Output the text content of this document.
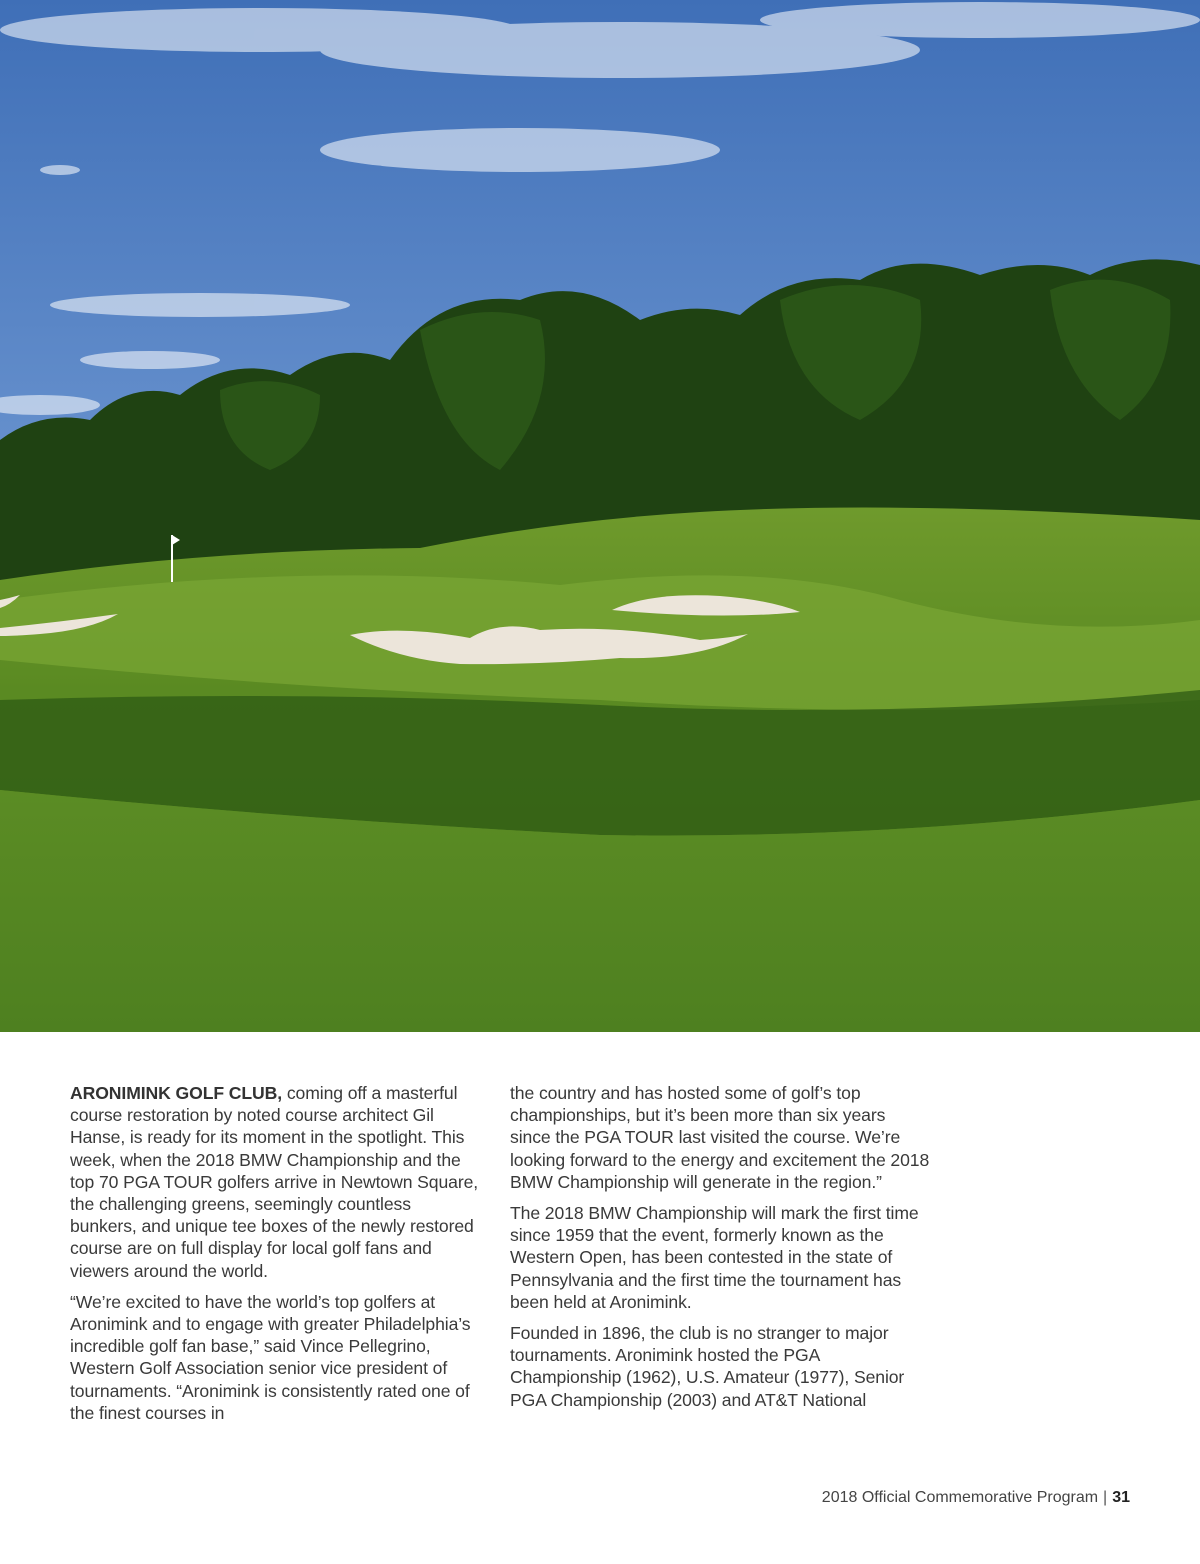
ARONIMINK GOLF CLUB, coming off a masterful course restoration by noted course architect Gil Hanse, is ready for its moment in the spotlight. This week, when the 2018 BMW Championship and the top 70 PGA TOUR golfers arrive in Newtown Square, the challenging greens, seemingly countless bunkers, and unique tee boxes of the newly restored course are on full display for local golf fans and viewers around the world.

“We’re excited to have the world’s top golfers at Aronimink and to engage with greater Philadelphia’s incredible golf fan base,” said Vince Pellegrino, Western Golf Association senior vice president of tournaments. “Aronimink is consistently rated one of the finest courses in

the country and has hosted some of golf’s top championships, but it’s been more than six years since the PGA TOUR last visited the course. We’re looking forward to the energy and excitement the 2018 BMW Championship will generate in the region.”

The 2018 BMW Championship will mark the first time since 1959 that the event, formerly known as the Western Open, has been contested in the state of Pennsylvania and the first time the tournament has been held at Aronimink.

Founded in 1896, the club is no stranger to major tournaments. Aronimink hosted the PGA Championship (1962), U.S. Amateur (1977), Senior PGA Championship (2003) and AT&T National

2018 Official Commemorative Program | 31
